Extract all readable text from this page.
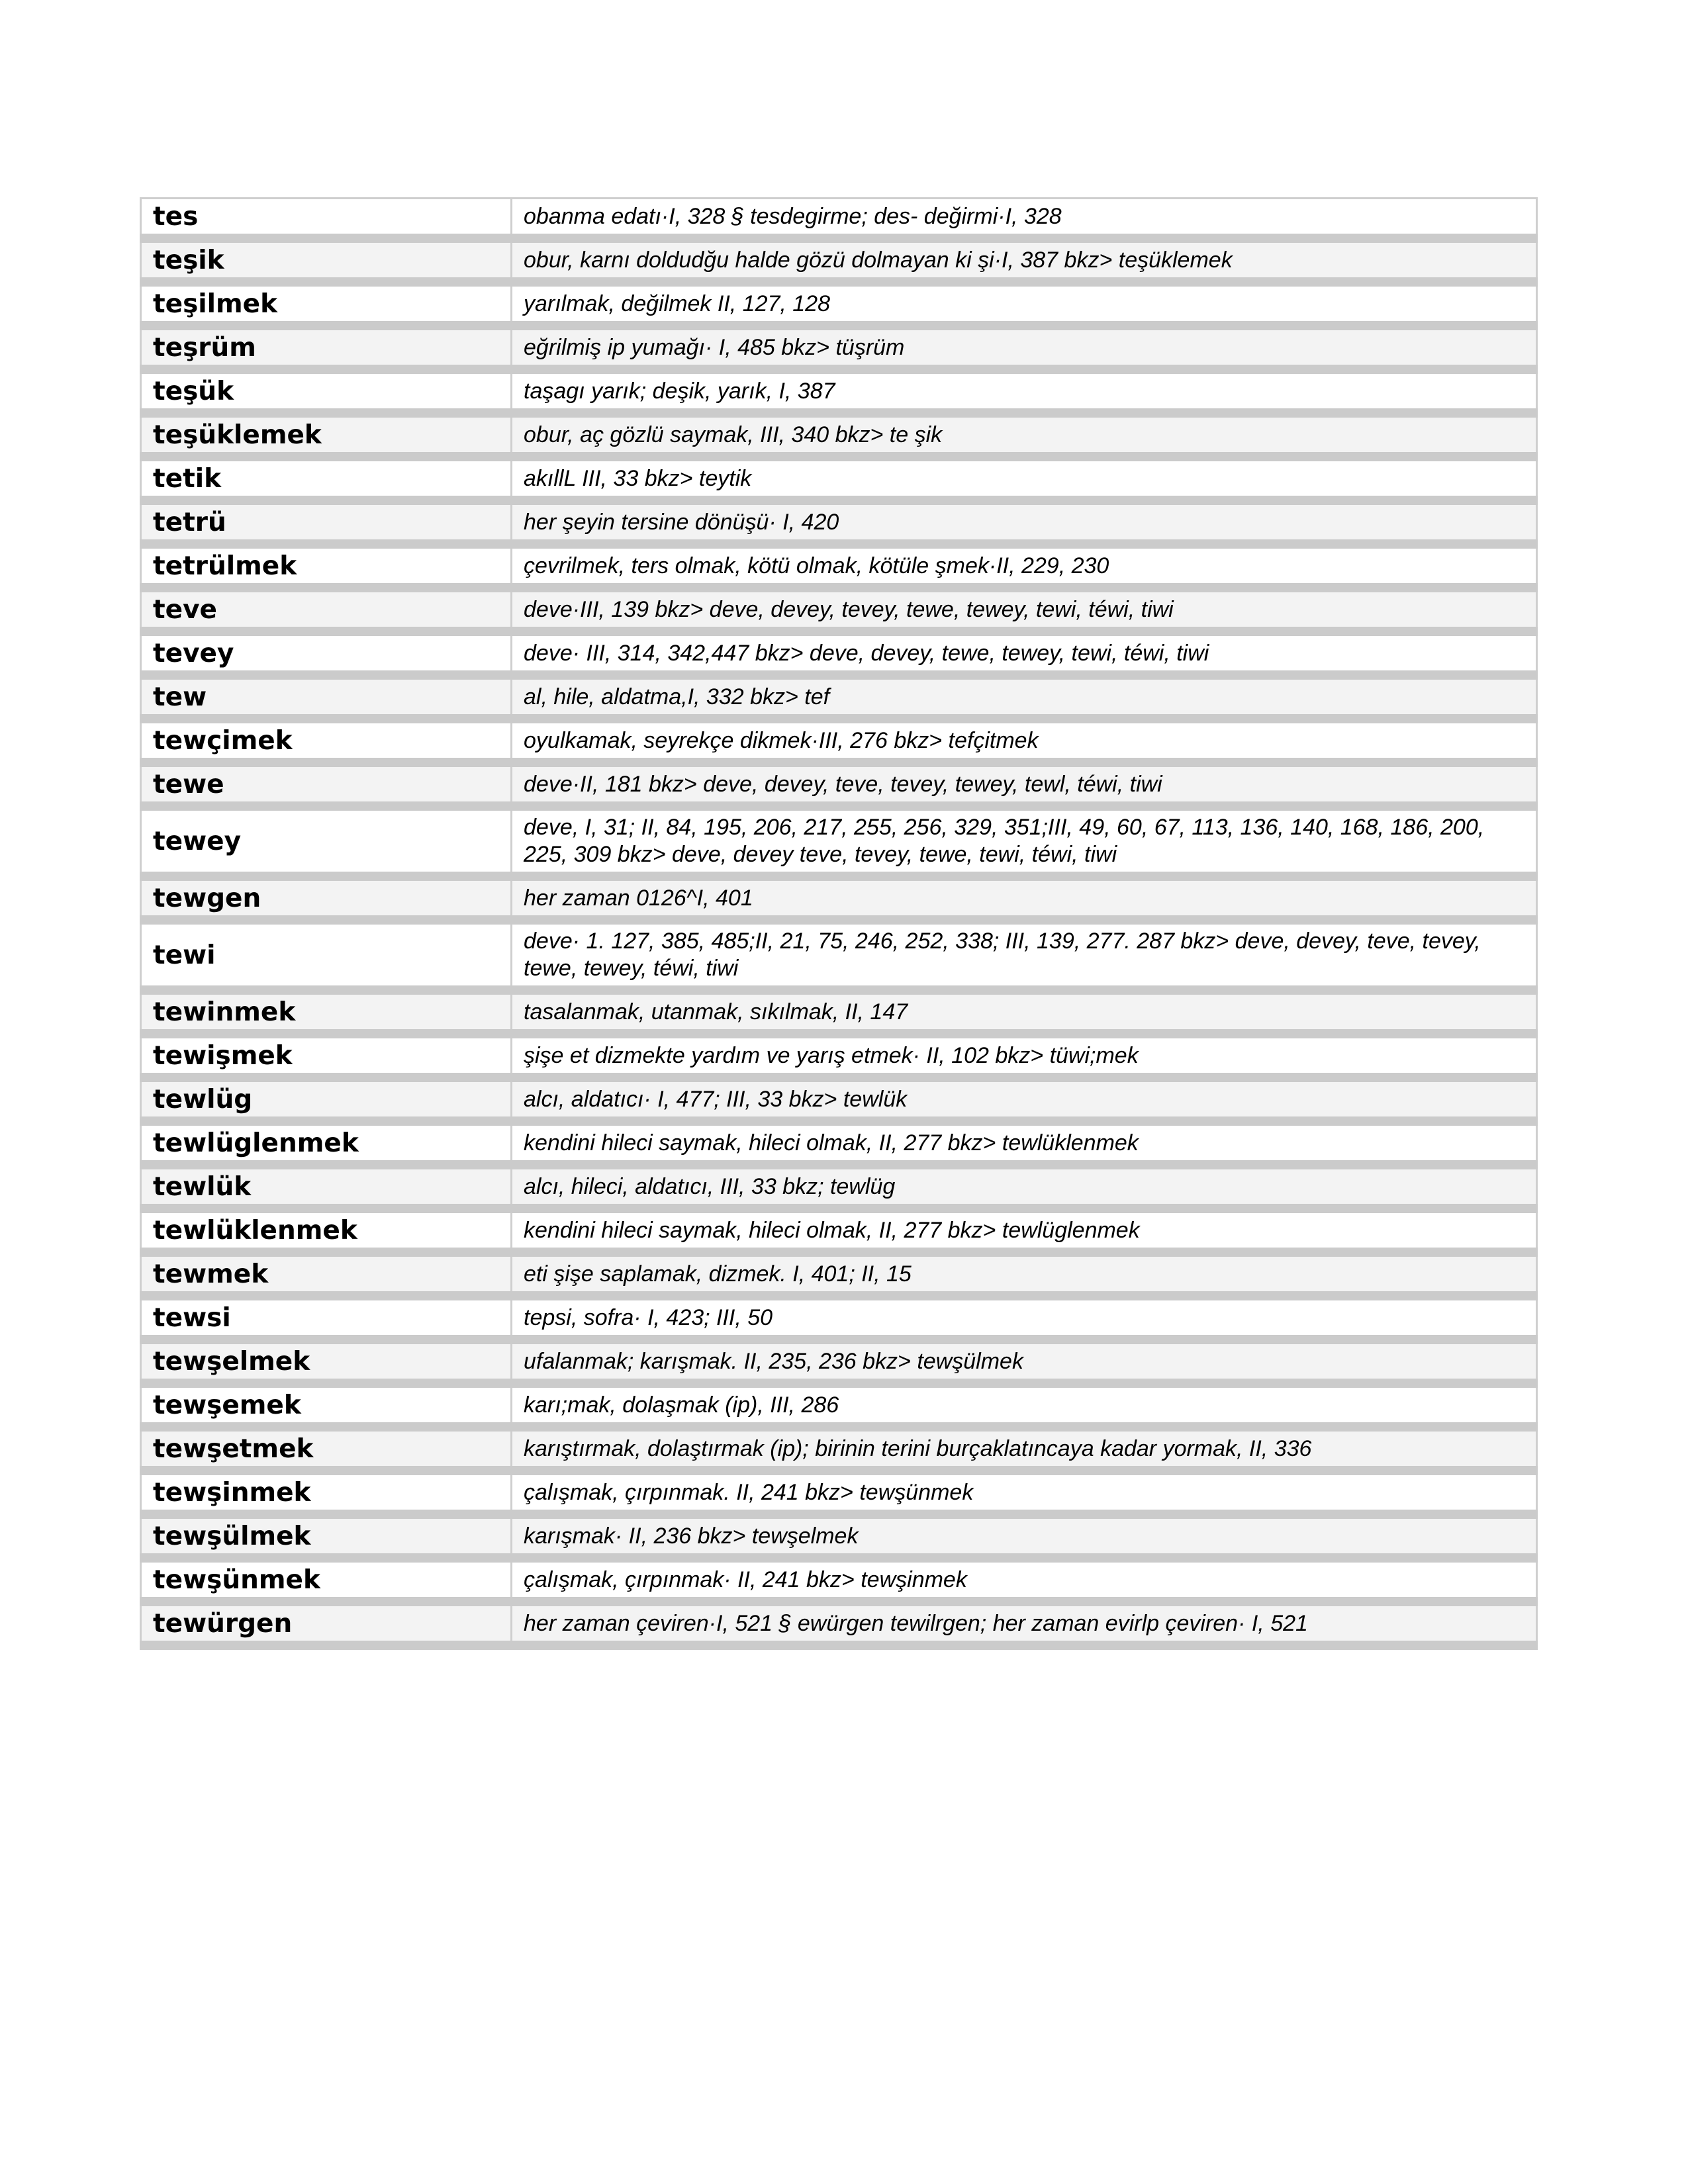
tes	obanma edatı·I, 328 § tesdegirme; des- değirmi·I, 328
teşik	obur, karnı doldudğu halde gözü dolmayan ki şi·I, 387 bkz> teşüklemek
teşilmek	yarılmak, değilmek II, 127, 128
teşrüm	eğrilmiş ip yumağı· I, 485 bkz> tüşrüm
teşük	taşagı yarık; deşik, yarık, I, 387
teşüklemek	obur, aç gözlü saymak, III, 340 bkz> te şik
tetik	akıllL III, 33 bkz> teytik
tetrü	her şeyin tersine dönüşü· I, 420
tetrülmek	çevrilmek, ters olmak, kötü olmak, kötüle şmek·II, 229, 230
teve	deve·III, 139 bkz> deve, devey, tevey, tewe, tewey, tewi, téwi, tiwi
tevey	deve· III, 314, 342,447 bkz> deve, devey, tewe, tewey, tewi, téwi, tiwi
tew	al, hile, aldatma,I, 332 bkz> tef
tewçimek	oyulkamak, seyrekçe dikmek·III, 276 bkz> tefçitmek
tewe	deve·II, 181 bkz> deve, devey, teve, tevey, tewey, tewl, téwi, tiwi
tewey	deve, I, 31; II, 84, 195, 206, 217, 255, 256, 329, 351;III, 49, 60, 67, 113, 136, 140, 168, 186, 200, 225, 309 bkz> deve, devey teve, tevey, tewe, tewi, téwi, tiwi
tewgen	her zaman 0126^I, 401
tewi	deve· 1. 127, 385, 485;II, 21, 75, 246, 252, 338; III, 139, 277. 287 bkz> deve, devey, teve, tevey, tewe, tewey, téwi, tiwi
tewinmek	tasalanmak, utanmak, sıkılmak, II, 147
tewişmek	şişe et dizmekte yardım ve yarış etmek· II, 102 bkz> tüwi;mek
tewlüg	alcı, aldatıcı· I, 477; III, 33 bkz> tewlük
tewlüglenmek	kendini hileci saymak, hileci olmak, II, 277 bkz> tewlüklenmek
tewlük	alcı, hileci, aldatıcı, III, 33 bkz; tewlüg
tewlüklenmek	kendini hileci saymak, hileci olmak, II, 277 bkz> tewlüglenmek
tewmek	eti şişe saplamak, dizmek. I, 401; II, 15
tewsi	tepsi, sofra· I, 423; III, 50
tewşelmek	ufalanmak; karışmak. II, 235, 236 bkz> tewşülmek
tewşemek	karı;mak, dolaşmak (ip), III, 286
tewşetmek	karıştırmak, dolaştırmak (ip); birinin terini burçaklatıncaya kadar yormak, II, 336
tewşinmek	çalışmak, çırpınmak. II, 241 bkz> tewşünmek
tewşülmek	karışmak· II, 236 bkz> tewşelmek
tewşünmek	çalışmak, çırpınmak· II, 241 bkz> tewşinmek
tewürgen	her zaman çeviren·I, 521 § ewürgen tewilrgen; her zaman evirlp çeviren· I, 521
